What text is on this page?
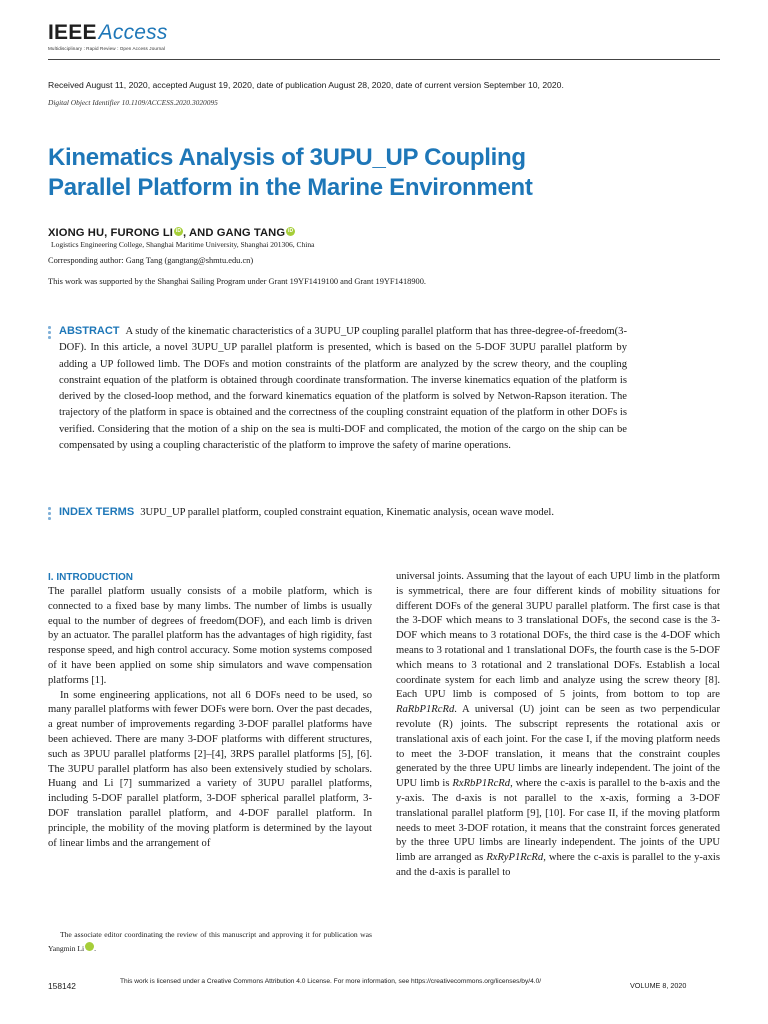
IEEEAccess
Multidisciplinary ∶ Rapid Review ∶ Open Access Journal
Received August 11, 2020, accepted August 19, 2020, date of publication August 28, 2020, date of current version September 10, 2020.
Digital Object Identifier 10.1109/ACCESS.2020.3020095
Kinematics Analysis of 3UPU_UP Coupling
Parallel Platform in the Marine Environment
XIONG HU, FURONG LI iD , AND GANG TANG iD
Logistics Engineering College, Shanghai Maritime University, Shanghai 201306, China
Corresponding author: Gang Tang (gangtang@shmtu.edu.cn)
This work was supported by the Shanghai Sailing Program under Grant 19YF1419100 and Grant 19YF1418900.
ABSTRACT A study of the kinematic characteristics of a 3UPU_UP coupling parallel platform that has three-degree-of-freedom(3-DOF). In this article, a novel 3UPU_UP parallel platform is presented, which is based on the 5-DOF 3UPU parallel platform by adding a UP followed limb. The DOFs and motion constraints of the platform are analyzed by the screw theory, and the coupling constraint equation of the platform is obtained through coordinate transformation. The inverse kinematics equation of the platform is derived by the closed-loop method, and the forward kinematics equation of the platform is solved by Netwon-Rapson iteration. The trajectory of the platform in space is obtained and the correctness of the coupling constraint equation of the platform in other DOFs is verified. Considering that the motion of a ship on the sea is multi-DOF and complicated, the motion of the cargo on the ship can be compensated by using a coupling characteristic of the platform to improve the safety of marine operations.
INDEX TERMS 3UPU_UP parallel platform, coupled constraint equation, Kinematic analysis, ocean wave model.
I. INTRODUCTION

The parallel platform usually consists of a mobile platform, which is connected to a fixed base by many limbs. The number of limbs is usually equal to the number of degrees of freedom(DOF), and each limb is driven by an actuator. The parallel platform has the advantages of high rigidity, fast response speed, and high control accuracy. Some motion systems composed of it have been applied on some ship simulators and wave compensation platforms [1].

In some engineering applications, not all 6 DOFs need to be used, so many parallel platforms with fewer DOFs were born. Over the past decades, a great number of improvements regarding 3-DOF parallel platforms have been achieved. There are many 3-DOF platforms with different structures, such as 3PUU parallel platforms [2]–[4], 3RPS parallel platforms [5], [6]. The 3UPU parallel platform has also been extensively studied by scholars. Huang and Li [7] summarized a variety of 3UPU parallel platforms, including 5-DOF parallel platform, 3-DOF spherical parallel platform, 3-DOF translation parallel platform, and 4-DOF parallel platform. In principle, the mobility of the moving platform is determined by the layout of linear limbs and the arrangement of

The associate editor coordinating the review of this manuscript and approving it for publication was Yangmin Li	iD.

universal joints. Assuming that the layout of each UPU limb in the platform is symmetrical, there are four different kinds of mobility situations for different DOFs of the general 3UPU parallel platform. The first case is that the 3-DOF which means to 3 translational DOFs, the second case is the 3-DOF which means to 3 rotational DOFs, the third case is the 4-DOF which means to 3 rotational and 1 translational DOFs, the fourth case is the 5-DOF which means to 3 rotational and 2 translational DOFs. Establish a local coordinate system for each limb and analyze using the screw theory [8]. Each UPU limb is composed of 5 joints, from bottom to top are RaRbP1RcRd. A universal (U) joint can be seen as two perpendicular revolute (R) joints. The subscript represents the rotational axis or translational axis of each joint. For the case I, if the moving platform needs to meet the 3-DOF translation, it means that the constraint couples generated by the three UPU limbs are linearly independent. The joint of the UPU limb is RxRbP1RcRd, where the c-axis is parallel to the b-axis and the y-axis. The d-axis is not parallel to the x-axis, forming a 3-DOF translational parallel platform [9], [10]. For case II, if the moving platform needs to meet 3-DOF rotation, it means that the constraint forces generated by the three UPU limbs are linearly independent. The joints of the UPU limb are arranged as RxRyP1RcRd, where the c-axis is parallel to the y-axis and the d-axis is parallel to

158142	This work is licensed under a Creative Commons Attribution 4.0 License. For more information, see https://creativecommons.org/licenses/by/4.0/	VOLUME 8, 2020
